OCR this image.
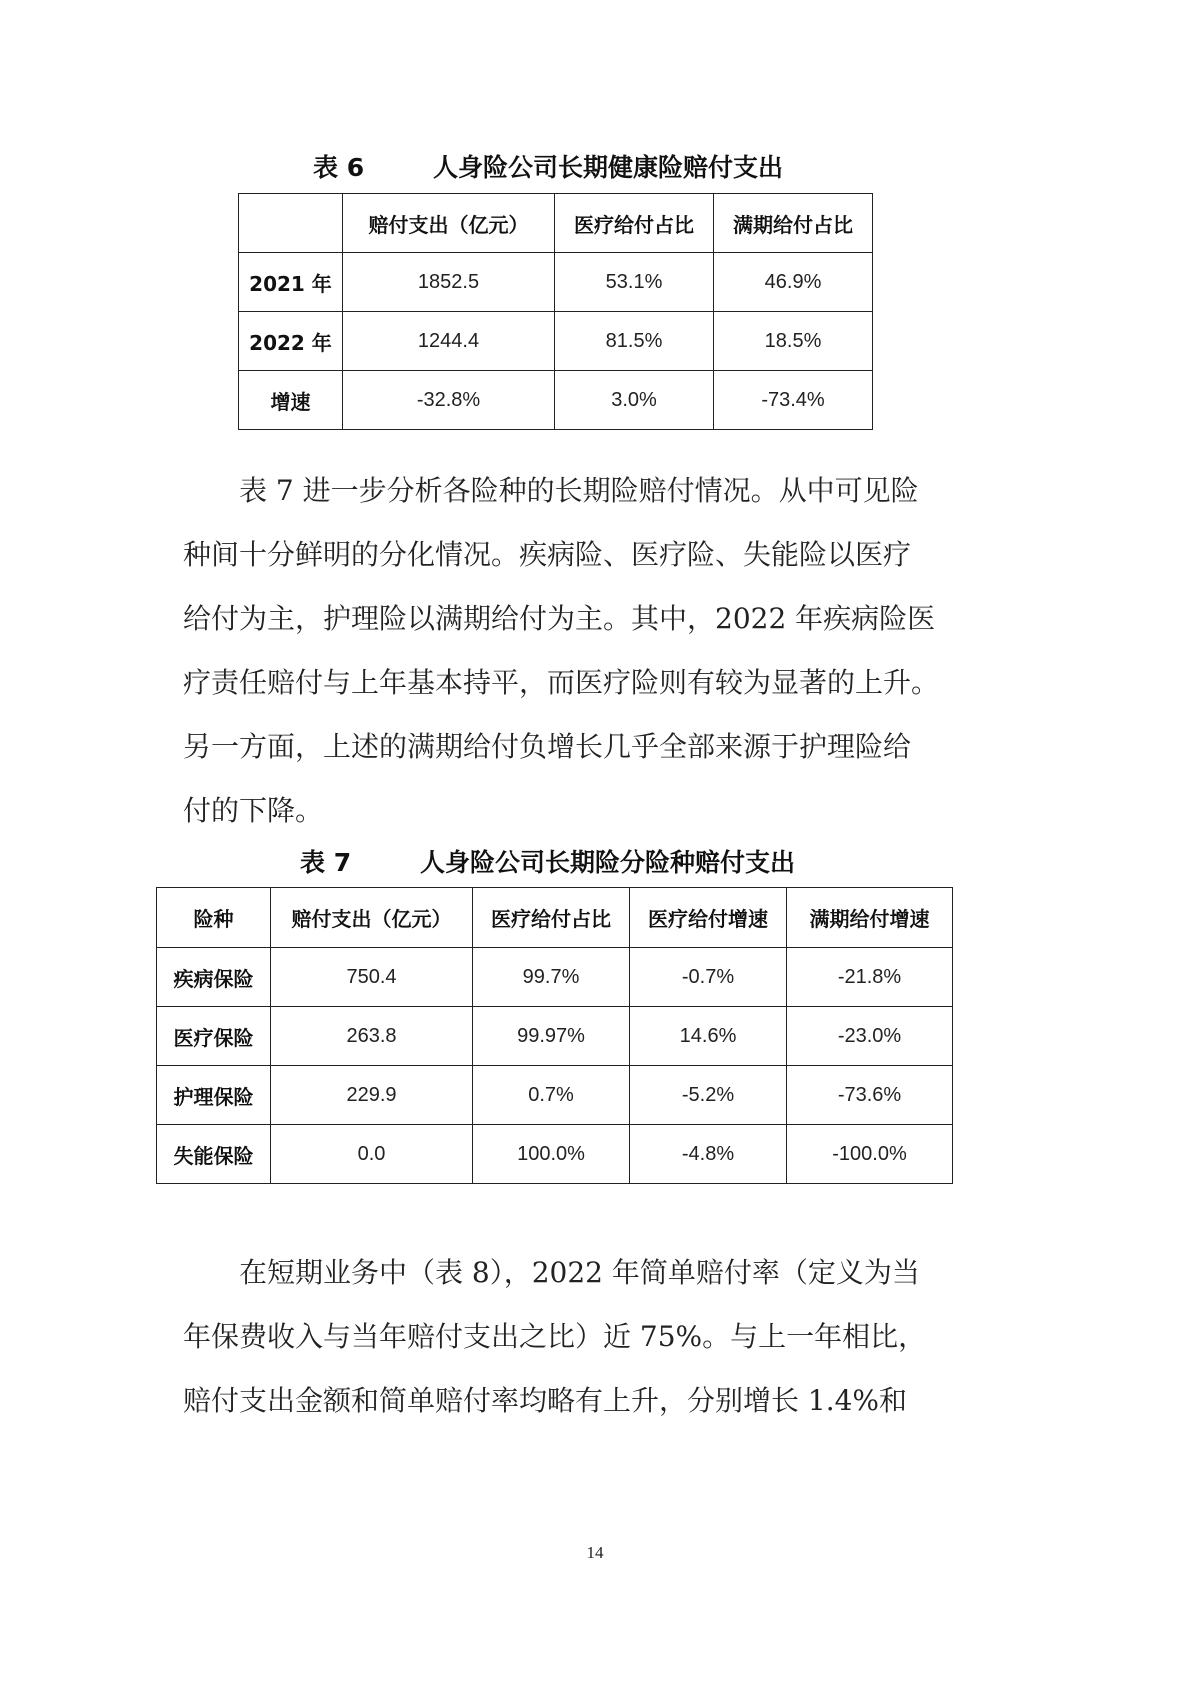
表 6	人身险公司长期健康险赔付支出
	赔付支出（亿元）	医疗给付占比	满期给付占比
2021 年	1852.5	53.1%	46.9%
2022 年	1244.4	81.5%	18.5%
增速	-32.8%	3.0%	-73.4%
表 7 进一步分析各险种的长期险赔付情况。从中可见险
种间十分鲜明的分化情况。疾病险、医疗险、失能险以医疗
给付为主，护理险以满期给付为主。其中，2022 年疾病险医
疗责任赔付与上年基本持平，而医疗险则有较为显著的上升。
另一方面，上述的满期给付负增长几乎全部来源于护理险给
付的下降。
表 7	人身险公司长期险分险种赔付支出
险种	赔付支出（亿元）	医疗给付占比	医疗给付增速	满期给付增速
疾病保险	750.4	99.7%	-0.7%	-21.8%
医疗保险	263.8	99.97%	14.6%	-23.0%
护理保险	229.9	0.7%	-5.2%	-73.6%
失能保险	0.0	100.0%	-4.8%	-100.0%
在短期业务中（表 8），2022 年简单赔付率（定义为当
年保费收入与当年赔付支出之比）近 75%。与上一年相比，
赔付支出金额和简单赔付率均略有上升，分别增长 1.4%和
14
